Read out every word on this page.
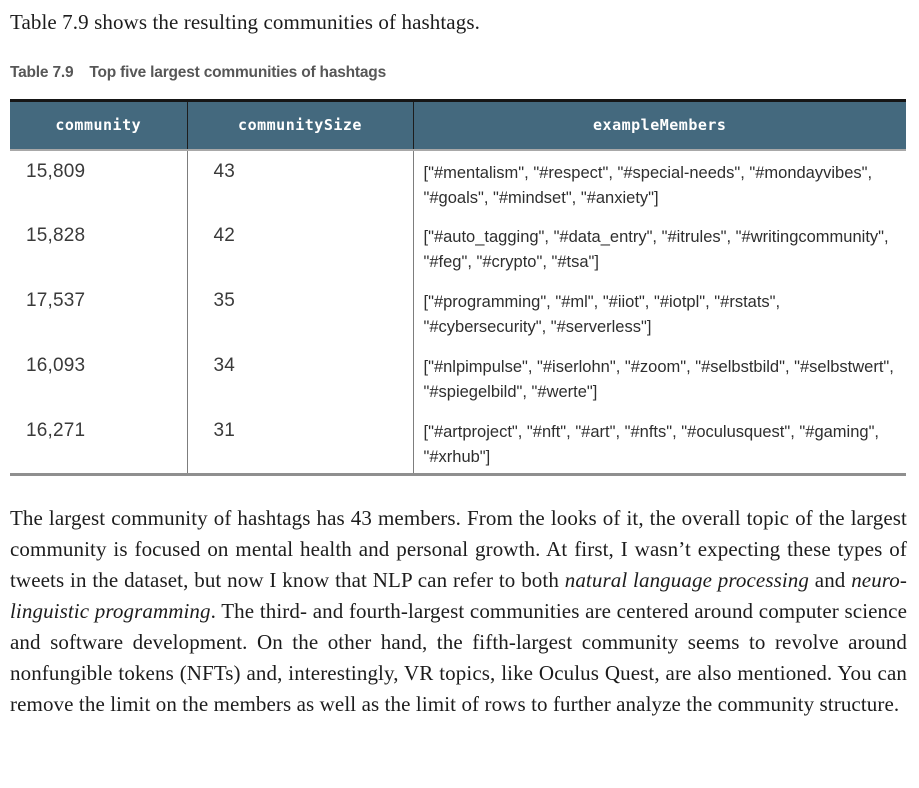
Table 7.9 shows the resulting communities of hashtags.

Table 7.9 Top five largest communities of hashtags
community	communitySize	exampleMembers
15,809	43	["#mentalism", "#respect", "#special-needs", "#mondayvibes", "#goals", "#mindset", "#anxiety"]
15,828	42	["#auto_tagging", "#data_entry", "#itrules", "#writingcommunity", "#feg", "#crypto", "#tsa"]
17,537	35	["#programming", "#ml", "#iiot", "#iotpl", "#rstats", "#cybersecurity", "#serverless"]
16,093	34	["#nlpimpulse", "#iserlohn", "#zoom", "#selbstbild", "#selbstwert", "#spiegelbild", "#werte"]
16,271	31	["#artproject", "#nft", "#art", "#nfts", "#oculusquest", "#gaming", "#xrhub"]

The largest community of hashtags has 43 members. From the looks of it, the overall topic of the largest community is focused on mental health and personal growth. At first, I wasn’t expecting these types of tweets in the dataset, but now I know that NLP can refer to both natural language processing and neuro-linguistic programming. The third- and fourth-largest communities are centered around computer science and software development. On the other hand, the fifth-largest community seems to revolve around nonfungible tokens (NFTs) and, interestingly, VR topics, like Oculus Quest, are also mentioned. You can remove the limit on the members as well as the limit of rows to further analyze the community structure.
